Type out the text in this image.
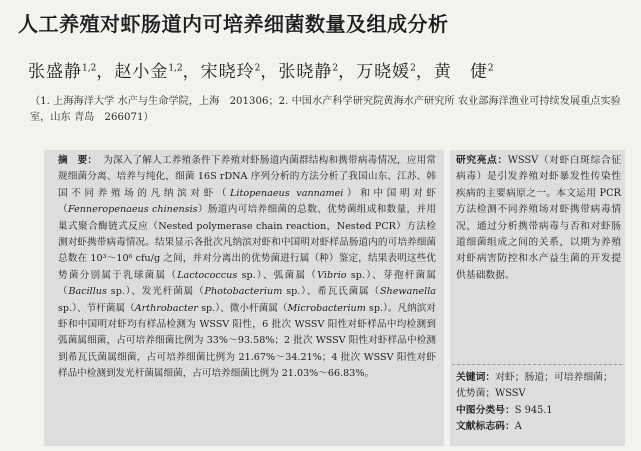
人工养殖对虾肠道内可培养细菌数量及组成分析
张盛静$^{1,2}$，赵小金$^{1,2}$，宋晓玲$^2$，张晓静$^2$，万晓媛$^2$，黄　倢$^2$
（1. 上海海洋大学 水产与生命学院，上海　201306；2. 中国水产科学研究院黄海水产研究所 农业部海洋渔业可持续发展重点实验室，山东 青岛　266071）
摘　要： 为深入了解人工养殖条件下养殖对虾肠道内菌群结构和携带病毒情况，应用常规细菌分离、培养与纯化，细菌 16S rDNA 序列分析的方法分析了我国山东、江苏、韩国不同养殖场的凡纳滨对虾（Litopenaeus vannamei）和中国明对虾（Fenneropenaeus chinensis）肠道内可培养细菌的总数、优势菌组成和数量，并用巢式聚合酶链式反应（Nested polymerase chain reaction，Nested PCR）方法检测对虾携带病毒情况。结果显示各批次凡纳滨对虾和中国明对虾样品肠道内的可培养细菌总数在 10³～10⁶ cfu/g 之间，并对分离出的优势菌进行属（种）鉴定，结果表明这些优势菌分别属于乳球菌属（Lactococcus sp.）、弧菌属（Vibrio sp.）、芽孢杆菌属（Bacillus sp.）、发光杆菌属（Photobacterium sp.）、希瓦氏菌属（Shewanella sp.）、节杆菌属（Arthrobacter sp.）、微小杆菌属（Microbacterium sp.）。凡纳滨对虾和中国明对虾均有样品检测为 WSSV 阳性，6 批次 WSSV 阳性对虾样品中均检测到弧菌属细菌，占可培养细菌比例为 33%～93.58%；2 批次 WSSV 阳性对虾样品中检测到希瓦氏菌属细菌，占可培养细菌比例为 21.67%～34.21%；4 批次 WSSV 阳性对虾样品中检测到发光杆菌属细菌，占可培养细菌比例为 21.03%～66.83%。
研究亮点：WSSV（对虾白斑综合征病毒）是引发养殖对虾暴发性传染性疾病的主要病原之一。本文运用 PCR 方法检测不同养殖场对虾携带病毒情况，通过分析携带病毒与否和对虾肠道细菌组成之间的关系，以期为养殖对虾病害防控和水产益生菌的开发提供基础数据。
关键词：对虾；肠道；可培养细菌；优势菌；WSSV
中图分类号：S 945.1
文献标志码：A
